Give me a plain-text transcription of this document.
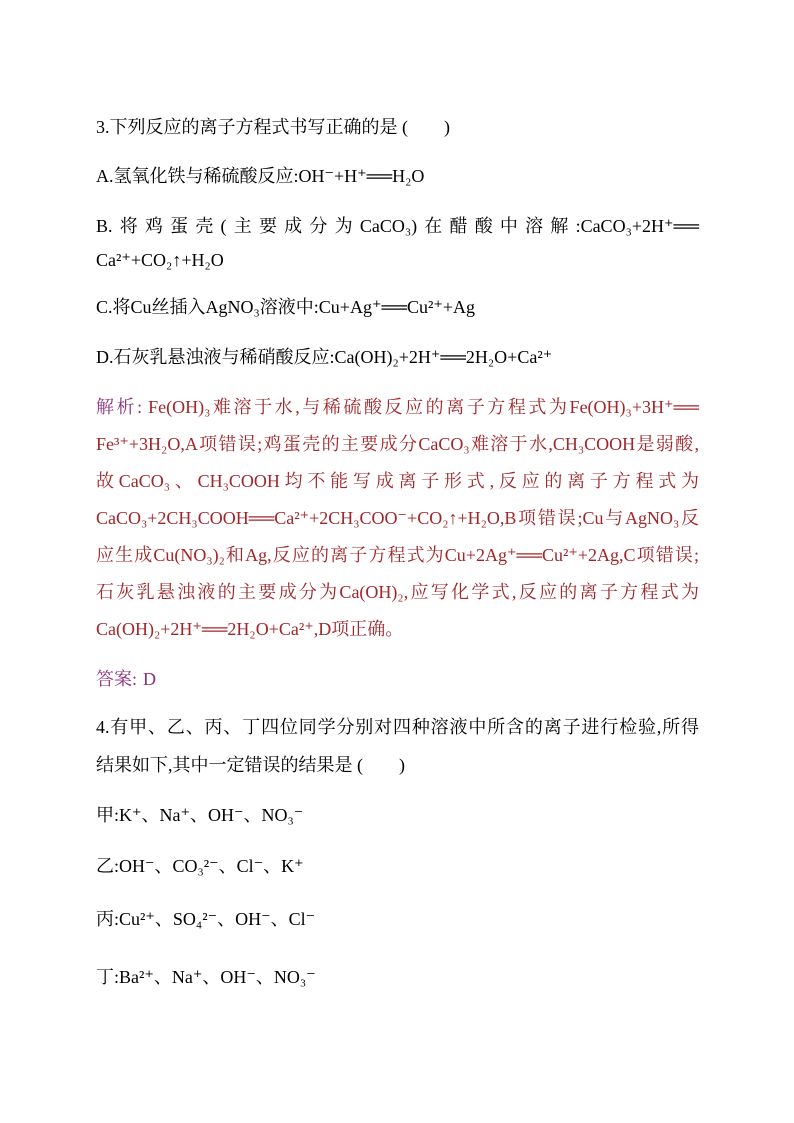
3.下列反应的离子方程式书写正确的是 (　　)
A.氢氧化铁与稀硫酸反应:OH⁻+H⁺══H₂O
B.将鸡蛋壳(主要成分为CaCO₃)在醋酸中溶解:CaCO₃+2H⁺══
Ca²⁺+CO₂↑+H₂O
C.将Cu丝插入AgNO₃溶液中:Cu+Ag⁺══Cu²⁺+Ag
D.石灰乳悬浊液与稀硝酸反应:Ca(OH)₂+2H⁺══2H₂O+Ca²⁺
解析: Fe(OH)₃难溶于水,与稀硫酸反应的离子方程式为Fe(OH)₃+3H⁺══
Fe³⁺+3H₂O,A项错误;鸡蛋壳的主要成分CaCO₃难溶于水,CH₃COOH是弱酸,
故CaCO₃、CH₃COOH均不能写成离子形式,反应的离子方程式为
CaCO₃+2CH₃COOH══Ca²⁺+2CH₃COO⁻+CO₂↑+H₂O,B项错误;Cu与AgNO₃反
应生成Cu(NO₃)₂和Ag,反应的离子方程式为Cu+2Ag⁺══Cu²⁺+2Ag,C项错误;
石灰乳悬浊液的主要成分为Ca(OH)₂,应写化学式,反应的离子方程式为
Ca(OH)₂+2H⁺══2H₂O+Ca²⁺,D项正确。
答案: D
4.有甲、乙、丙、丁四位同学分别对四种溶液中所含的离子进行检验,所得
结果如下,其中一定错误的结果是 (　　)
甲:K⁺、Na⁺、OH⁻、NO₃⁻
乙:OH⁻、CO₃²⁻、Cl⁻、K⁺
丙:Cu²⁺、SO₄²⁻、OH⁻、Cl⁻
丁:Ba²⁺、Na⁺、OH⁻、NO₃⁻
